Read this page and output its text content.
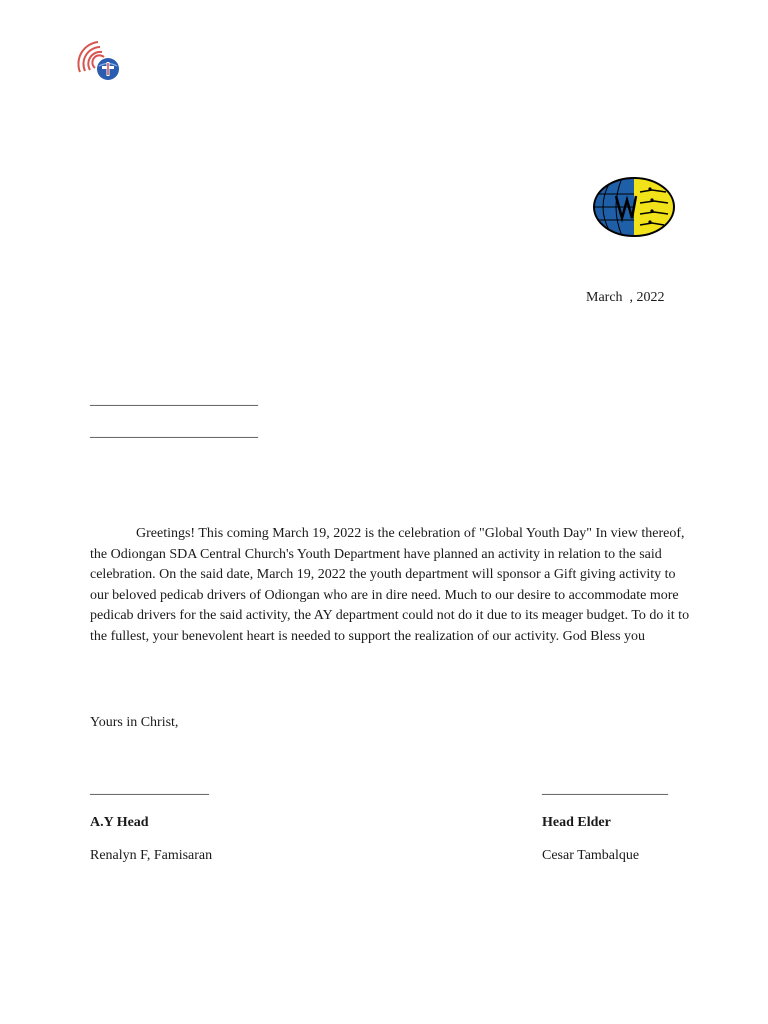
March  , 2022
________________________
________________________

Greetings! This coming March 19, 2022 is the celebration of "Global Youth Day" In view thereof, the Odiongan SDA Central Church's Youth Department have planned an activity in relation to the said celebration. On the said date, March 19, 2022 the youth department will sponsor a Gift giving activity to our beloved pedicab drivers of Odiongan who are in dire need. Much to our desire to accommodate more pedicab drivers for the said activity, the AY department could not do it due to its meager budget. To do it to the fullest, your benevolent heart is needed to support the realization of our activity. God Bless you

Yours in Christ,
_________________
A.Y Head
Renalyn F, Famisaran
__________________
Head Elder
Cesar Tambalque
